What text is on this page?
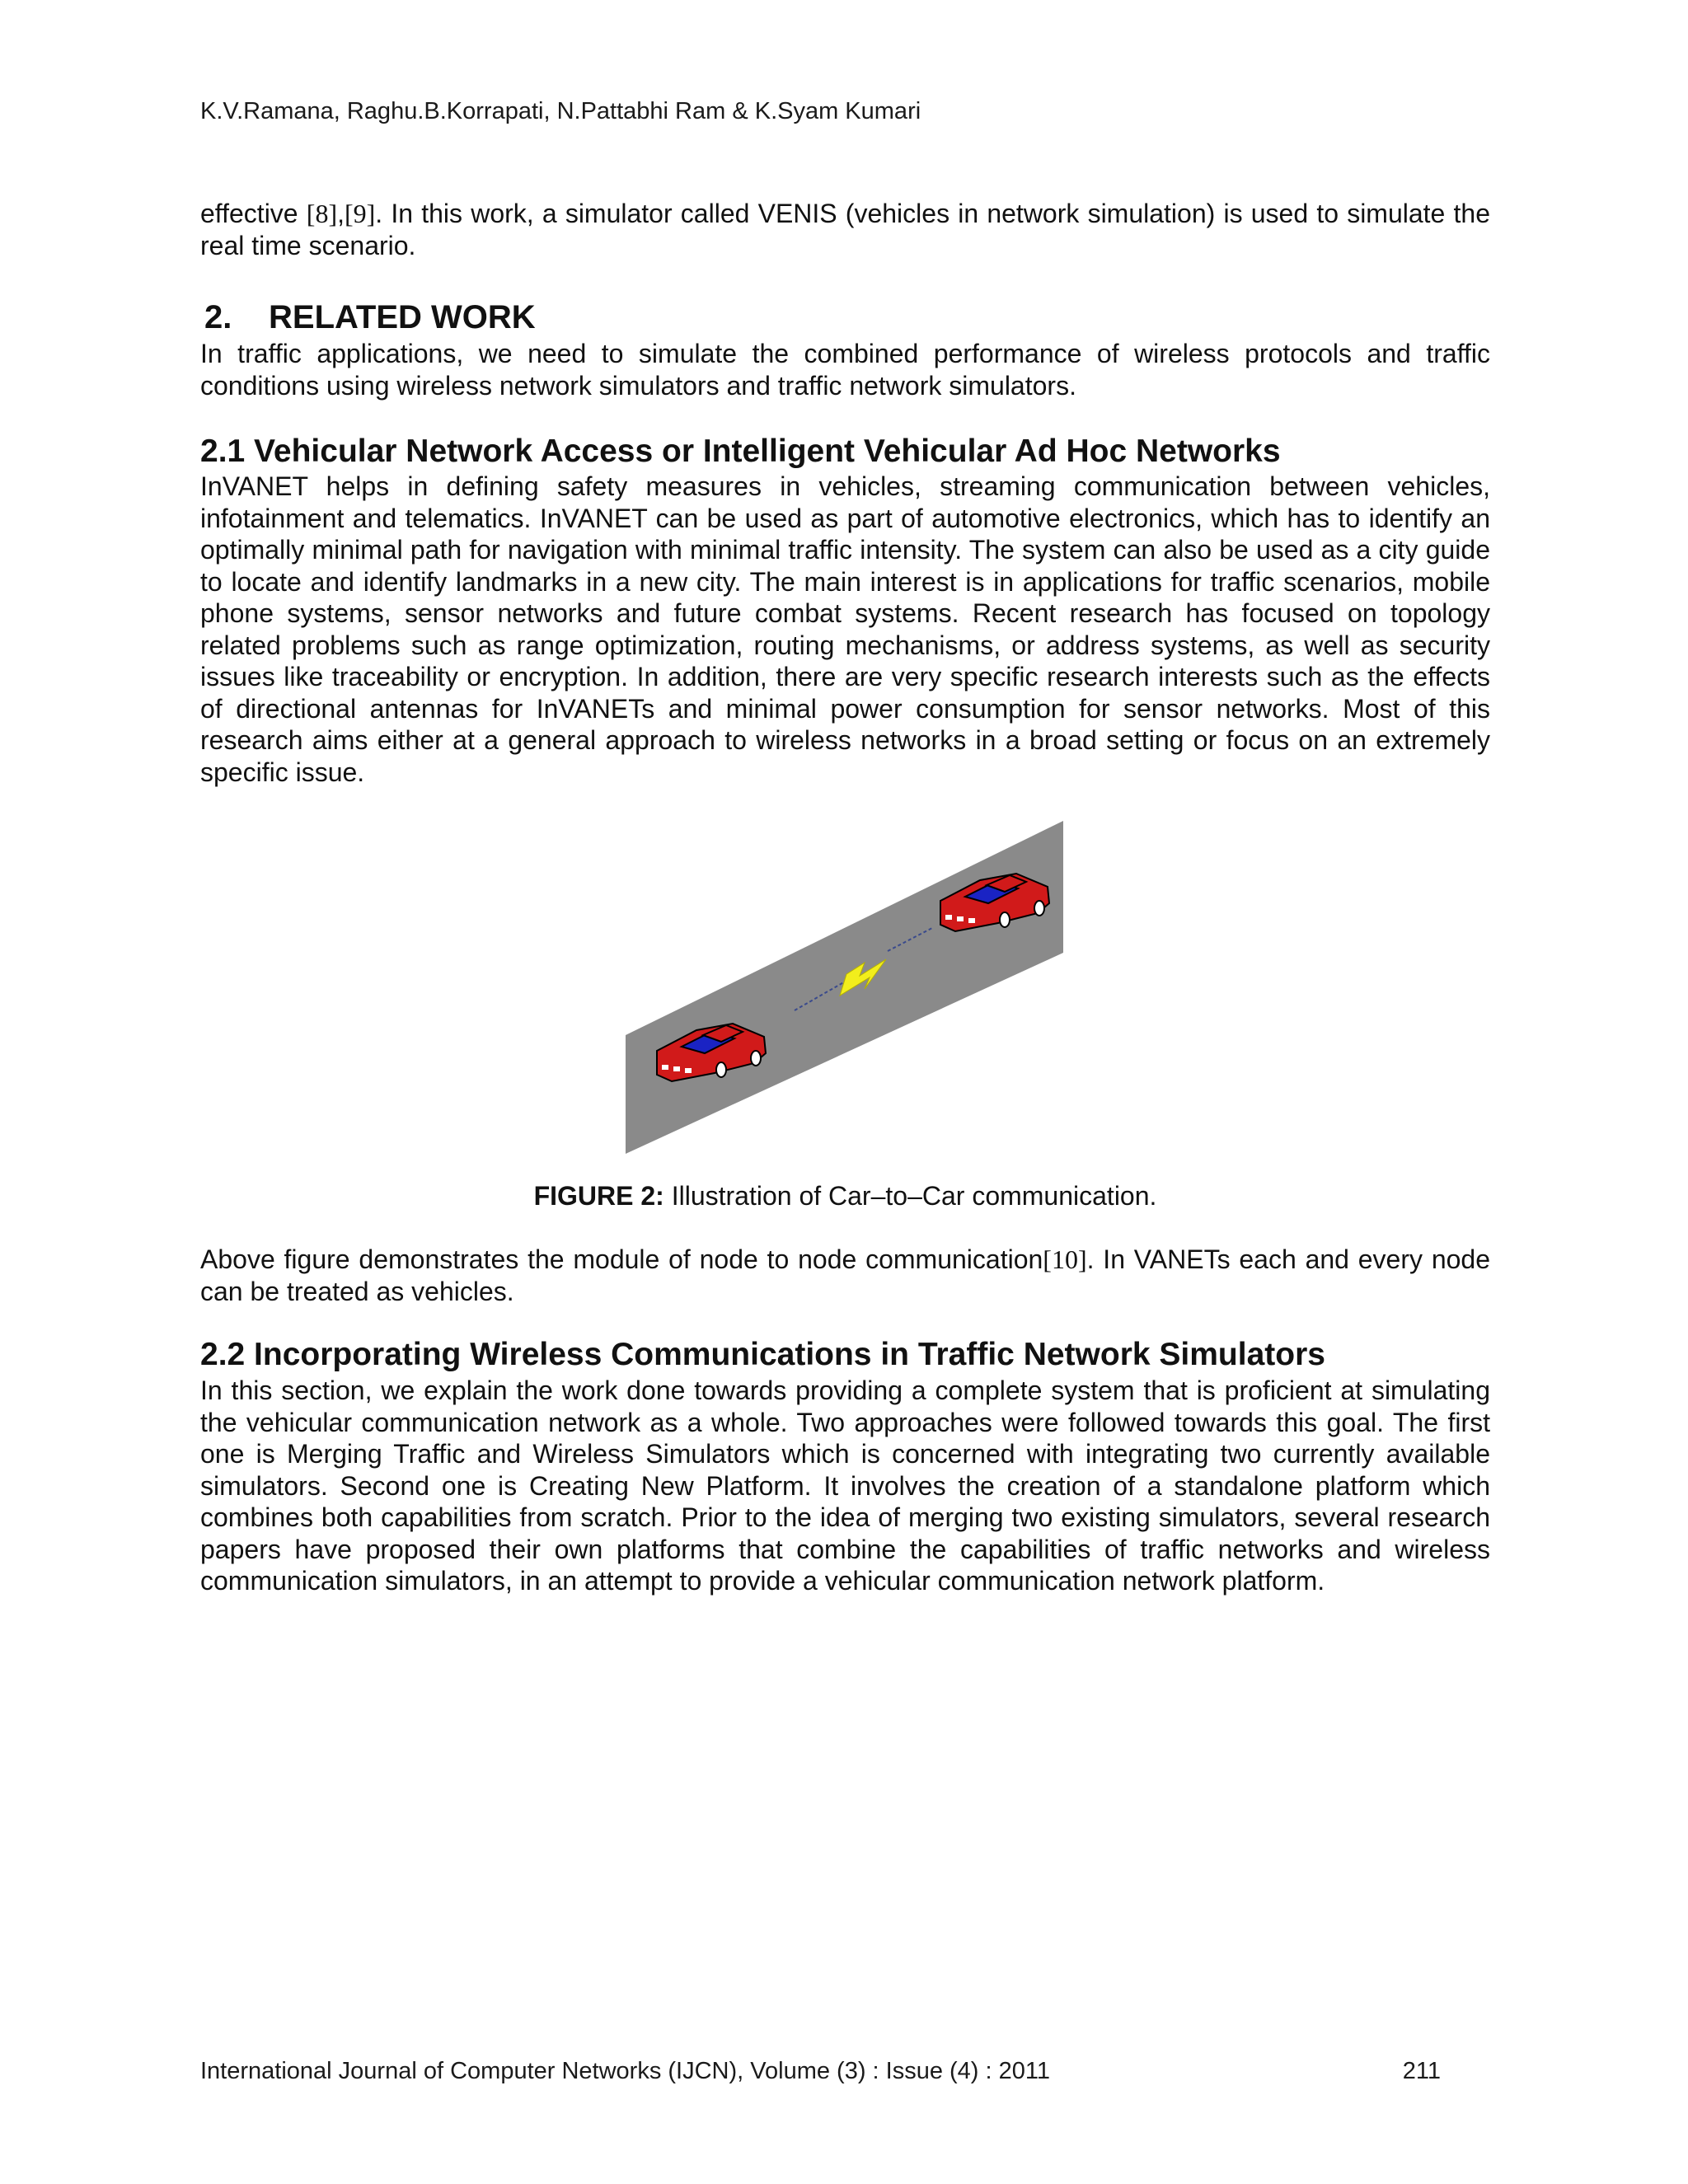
K.V.Ramana, Raghu.B.Korrapati, N.Pattabhi Ram & K.Syam Kumari
effective [8],[9]. In this work, a simulator called VENIS (vehicles in network simulation) is used to simulate the real time scenario.
2. RELATED WORK
In traffic applications, we need to simulate the combined performance of wireless protocols and traffic conditions using wireless network simulators and traffic network simulators.
2.1 Vehicular Network Access or Intelligent Vehicular Ad Hoc Networks
InVANET helps in defining safety measures in vehicles, streaming communication between vehicles, infotainment and telematics. InVANET can be used as part of automotive electronics, which has to identify an optimally minimal path for navigation with minimal traffic intensity. The system can also be used as a city guide to locate and identify landmarks in a new city. The main interest is in applications for traffic scenarios, mobile phone systems, sensor networks and future combat systems. Recent research has focused on topology related problems such as range optimization, routing mechanisms, or address systems, as well as security issues like traceability or encryption. In addition, there are very specific research interests such as the effects of directional antennas for InVANETs and minimal power consumption for sensor networks. Most of this research aims either at a general approach to wireless networks in a broad setting or focus on an extremely specific issue.
FIGURE 2: Illustration of Car–to–Car communication.
Above figure demonstrates the module of node to node communication[10]. In VANETs each and every node can be treated as vehicles.
2.2 Incorporating Wireless Communications in Traffic Network Simulators
In this section, we explain the work done towards providing a complete system that is proficient at simulating the vehicular communication network as a whole. Two approaches were followed towards this goal. The first one is Merging Traffic and Wireless Simulators which is concerned with integrating two currently available simulators. Second one is Creating New Platform. It involves the creation of a standalone platform which combines both capabilities from scratch. Prior to the idea of merging two existing simulators, several research papers have proposed their own platforms that combine the capabilities of traffic networks and wireless communication simulators, in an attempt to provide a vehicular communication network platform.
International Journal of Computer Networks (IJCN), Volume (3) : Issue (4) : 2011	211
